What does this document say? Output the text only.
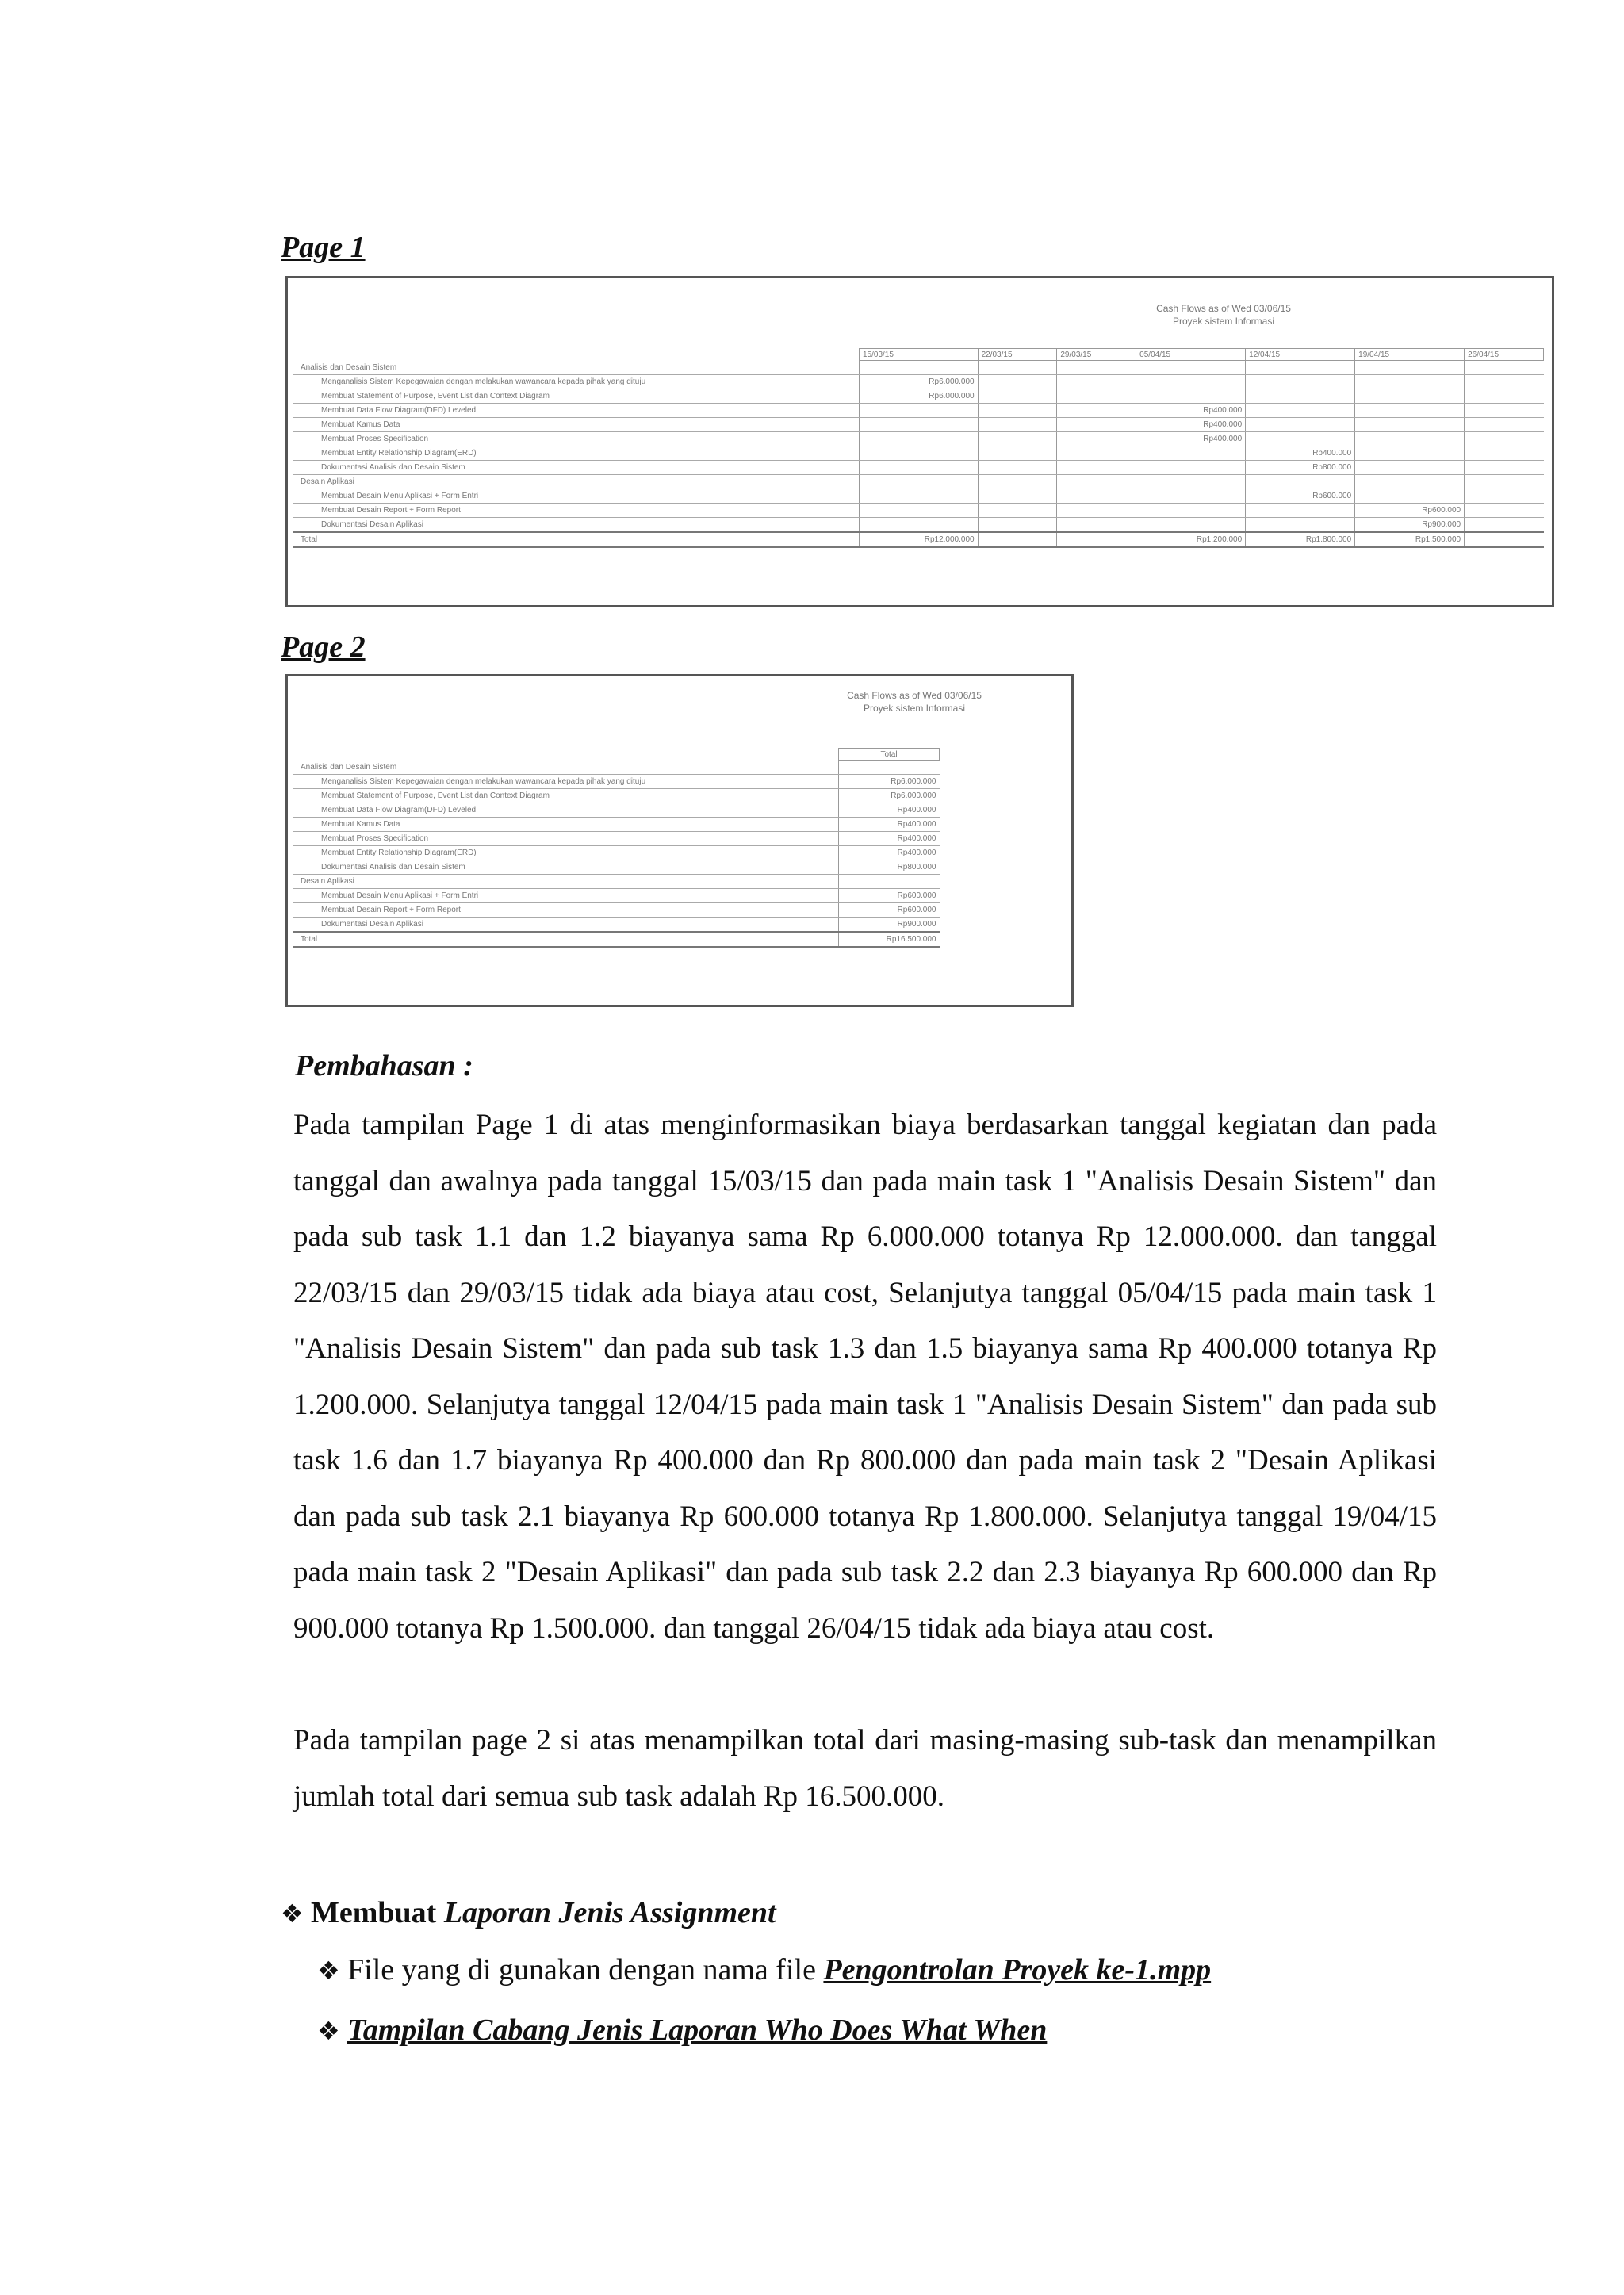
Page 1
Cash Flows as of Wed 03/06/15
Proyek sistem Informasi
	15/03/15	22/03/15	29/03/15	05/04/15	12/04/15	19/04/15	26/04/15
Analisis dan Desain Sistem							
Menganalisis Sistem Kepegawaian dengan melakukan wawancara kepada pihak yang dituju	Rp6.000.000						
Membuat Statement of Purpose, Event List dan Context Diagram	Rp6.000.000						
Membuat Data Flow Diagram(DFD) Leveled				Rp400.000			
Membuat Kamus Data				Rp400.000			
Membuat Proses Specification				Rp400.000			
Membuat Entity Relationship Diagram(ERD)					Rp400.000		
Dokumentasi Analisis dan Desain Sistem					Rp800.000		
Desain Aplikasi							
Membuat Desain Menu Aplikasi + Form Entri					Rp600.000		
Membuat Desain Report + Form Report						Rp600.000	
Dokumentasi Desain Aplikasi						Rp900.000	
Total	Rp12.000.000			Rp1.200.000	Rp1.800.000	Rp1.500.000	
Page 2
Cash Flows as of Wed 03/06/15
Proyek sistem Informasi
	Total
Analisis dan Desain Sistem	
Menganalisis Sistem Kepegawaian dengan melakukan wawancara kepada pihak yang dituju	Rp6.000.000
Membuat Statement of Purpose, Event List dan Context Diagram	Rp6.000.000
Membuat Data Flow Diagram(DFD) Leveled	Rp400.000
Membuat Kamus Data	Rp400.000
Membuat Proses Specification	Rp400.000
Membuat Entity Relationship Diagram(ERD)	Rp400.000
Dokumentasi Analisis dan Desain Sistem	Rp800.000
Desain Aplikasi	
Membuat Desain Menu Aplikasi + Form Entri	Rp600.000
Membuat Desain Report + Form Report	Rp600.000
Dokumentasi Desain Aplikasi	Rp900.000
Total	Rp16.500.000
Pembahasan :
Pada tampilan Page 1 di atas menginformasikan biaya berdasarkan tanggal kegiatan dan pada tanggal dan awalnya pada tanggal 15/03/15 dan pada main task 1 "Analisis Desain Sistem" dan pada sub task 1.1 dan 1.2 biayanya sama Rp 6.000.000 totanya Rp 12.000.000. dan tanggal 22/03/15 dan 29/03/15 tidak ada biaya atau cost, Selanjutya tanggal 05/04/15 pada main task 1 "Analisis Desain Sistem" dan pada sub task 1.3 dan 1.5 biayanya sama Rp 400.000 totanya Rp 1.200.000. Selanjutya tanggal 12/04/15 pada main task 1 "Analisis Desain Sistem" dan pada sub task 1.6 dan 1.7 biayanya Rp 400.000 dan Rp 800.000 dan pada main task 2 "Desain Aplikasi dan pada sub task 2.1 biayanya Rp 600.000 totanya Rp 1.800.000. Selanjutya tanggal 19/04/15 pada main task 2 "Desain Aplikasi" dan pada sub task 2.2 dan 2.3 biayanya Rp 600.000 dan Rp 900.000 totanya Rp 1.500.000. dan tanggal 26/04/15 tidak ada biaya atau cost.
Pada tampilan page 2 si atas menampilkan total dari masing-masing sub-task dan menampilkan jumlah total dari semua sub task adalah Rp 16.500.000.
❖ Membuat Laporan Jenis Assignment
❖ File yang di gunakan dengan nama file Pengontrolan Proyek ke-1.mpp
❖ Tampilan Cabang Jenis Laporan Who Does What When
